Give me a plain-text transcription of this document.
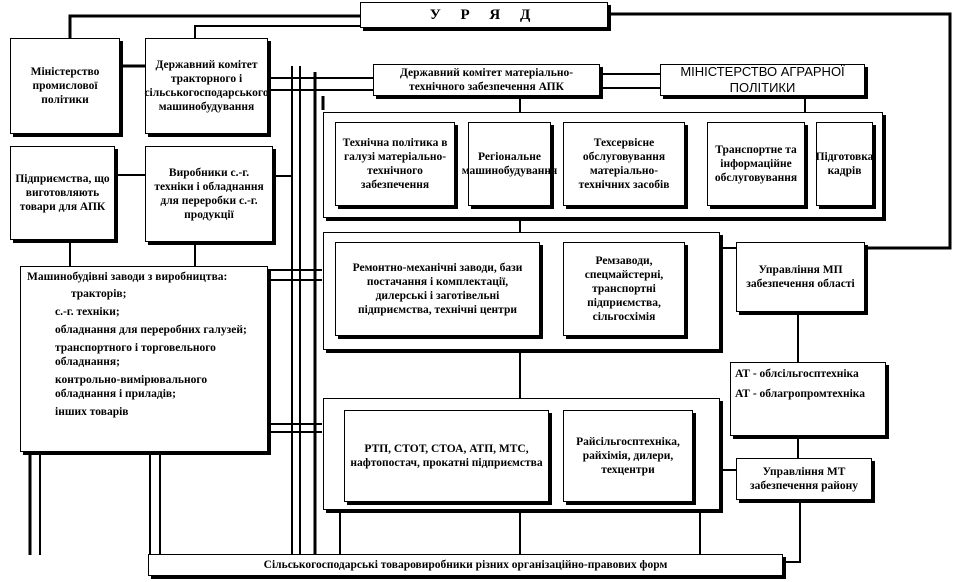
У Р Я Д
Міністерство промислової політики
Державний комітет тракторного і сільськогосподарського машинобудування
Державний комітет матеріально-технічного забезпечення АПК
МІНІСТЕРСТВО АГРАРНОЇ ПОЛІТИКИ
Підприємства, що виготовляють товари для АПК
Виробники с.-г. техніки і обладнання для переробки с.-г. продукції
Машинобудівні заводи з виробництва:
тракторів;
с.-г. техніки;
обладнання для переробних галузей;
транспортного і торговельного обладнання;
контрольно-вимірювального обладнання і приладів;
інших товарів
Технічна політика в галузі матеріально-технічного забезпечення
Регіональне машинобудування
Техсервісне обслуговування матеріально-технічних засобів
Транспортне та інформаційне обслуговування
Підготовка кадрів
Ремонтно-механічні заводи, бази постачання і комплектації, дилерські і заготівельні підприємства, технічні центри
Ремзаводи, спецмайстерні, транспортні підприємства, сільгосхімія
РТП, СТОТ, СТОА, АТП, МТС, нафтопостач, прокатні підприємства
Райсільгосптехніка, райхімія, дилери, техцентри
Управління МП забезпечення області
АТ - облсільгосптехніка
АТ - облагропромтехніка
Управління МТ забезпечення району
Сільськогосподарські товаровиробники різних організаційно-правових форм
